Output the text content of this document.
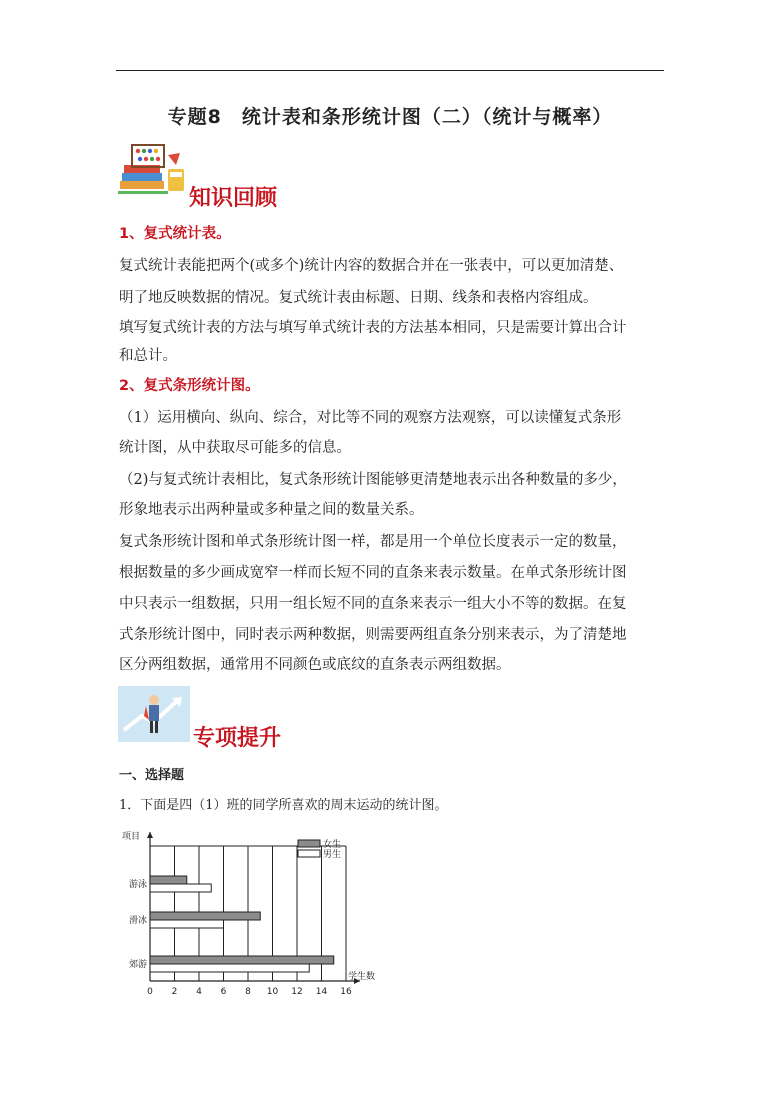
专题8　统计表和条形统计图（二）（统计与概率）
知识回顾
1、复式统计表。
复式统计表能把两个(或多个)统计内容的数据合并在一张表中，可以更加清楚、
明了地反映数据的情况。复式统计表由标题、日期、线条和表格内容组成。
填写复式统计表的方法与填写单式统计表的方法基本相同，只是需要计算出合计
和总计。
2、复式条形统计图。
（1）运用横向、纵向、综合，对比等不同的观察方法观察，可以读懂复式条形
统计图，从中获取尽可能多的信息。
（2)与复式统计表相比，复式条形统计图能够更清楚地表示出各种数量的多少，
形象地表示出两种量或多种量之间的数量关系。
复式条形统计图和单式条形统计图一样，都是用一个单位长度表示一定的数量，
根据数量的多少画成宽窄一样而长短不同的直条来表示数量。在单式条形统计图
中只表示一组数据，只用一组长短不同的直条来表示一组大小不等的数据。在复
式条形统计图中，同时表示两种数据，则需要两组直条分别来表示，为了清楚地
区分两组数据，通常用不同颜色或底纹的直条表示两组数据。
专项提升
一、选择题
1．下面是四（1）班的同学所喜欢的周末运动的统计图。
项目
学生数
0 2 4 6 8 10 12 14 16
游泳
滑冰
郊游
女生
男生
